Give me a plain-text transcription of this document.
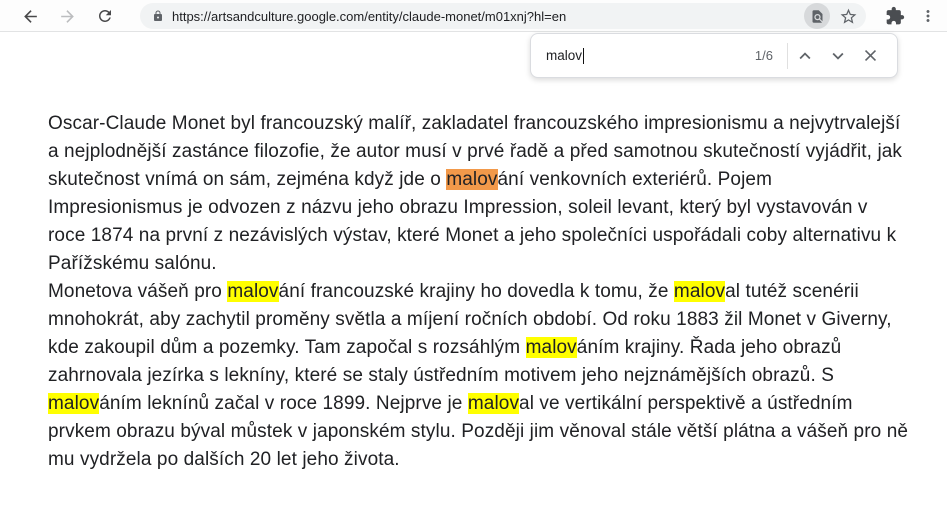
https://artsandculture.google.com/entity/claude-monet/m01xnj?hl=en
malov	1/6

Oscar-Claude Monet byl francouzský malíř, zakladatel francouzského impresionismu a nejvytrvalejší a nejplodnější zastánce filozofie, že autor musí v prvé řadě a před samotnou skutečností vyjádřit, jak skutečnost vnímá on sám, zejména když jde o malování venkovních exteriérů. Pojem Impresionismus je odvozen z názvu jeho obrazu Impression, soleil levant, který byl vystavován v roce 1874 na první z nezávislých výstav, které Monet a jeho společníci uspořádali coby alternativu k Pařížskému salónu.

Monetova vášeň pro malování francouzské krajiny ho dovedla k tomu, že maloval tutéž scenérii mnohokrát, aby zachytil proměny světla a míjení ročních období. Od roku 1883 žil Monet v Giverny, kde zakoupil dům a pozemky. Tam započal s rozsáhlým malováním krajiny. Řada jeho obrazů zahrnovala jezírka s lekníny, které se staly ústředním motivem jeho nejznámějších obrazů. S malováním leknínů začal v roce 1899. Nejprve je maloval ve vertikální perspektivě a ústředním prvkem obrazu býval můstek v japonském stylu. Později jim věnoval stále větší plátna a vášeň pro ně mu vydržela po dalších 20 let jeho života.
